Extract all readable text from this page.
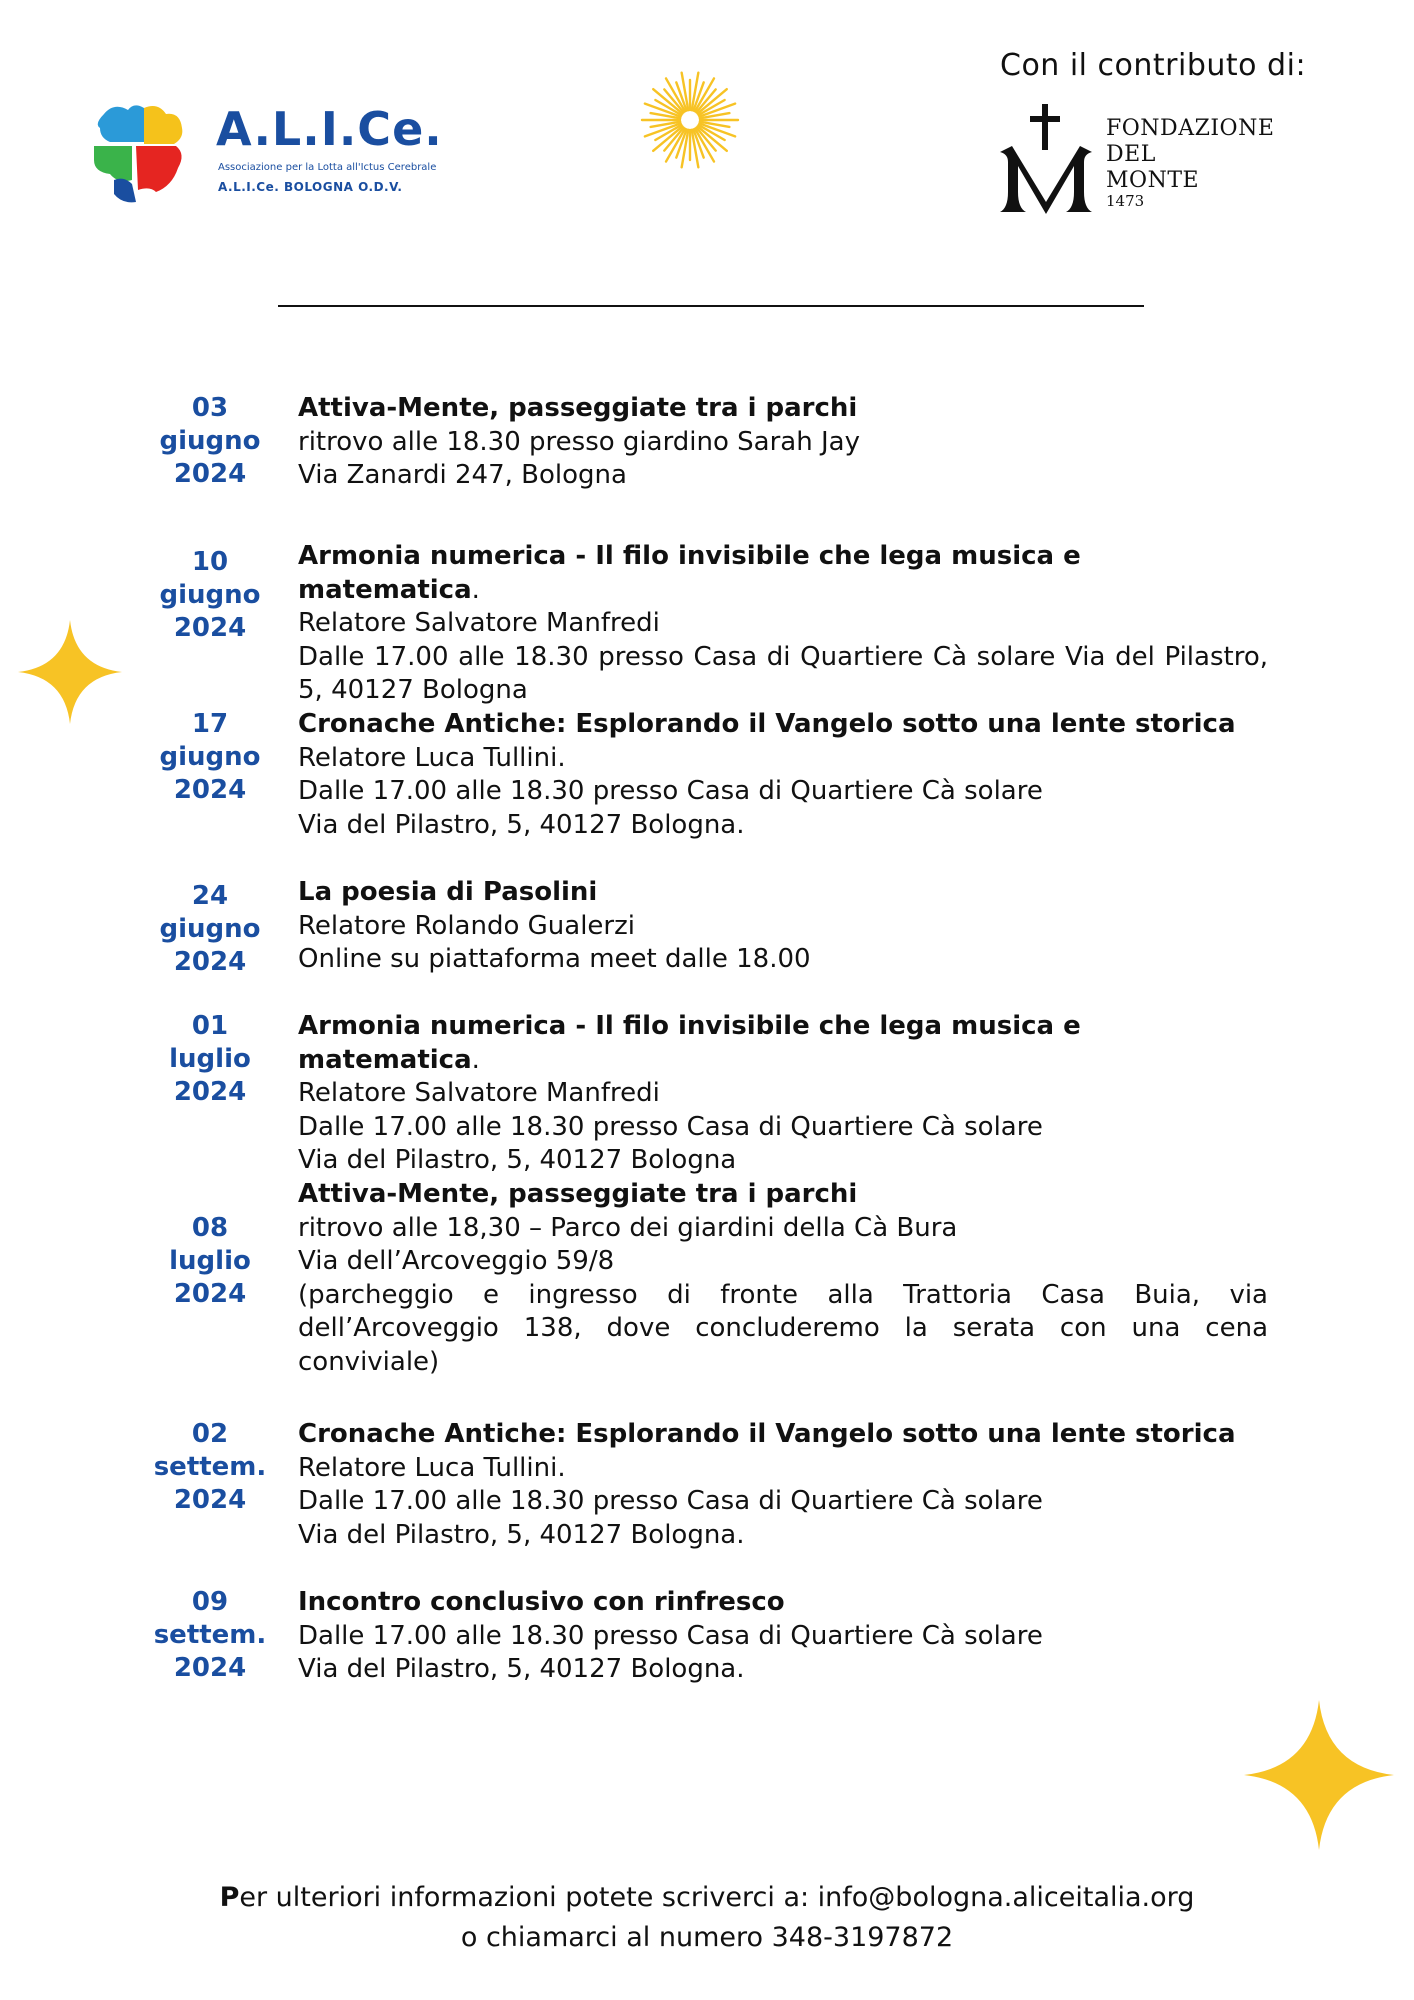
A.L.I.Ce.
Associazione per la Lotta all'Ictus Cerebrale
A.L.I.Ce. BOLOGNA O.D.V.
Con il contributo di:
FONDAZIONE
DEL
MONTE
1473
03
giugno
2024
Attiva-Mente, passeggiate tra i parchi
ritrovo alle 18.30 presso giardino Sarah Jay
Via Zanardi 247, Bologna
10
giugno
2024
Armonia numerica - Il filo invisibile che lega musica e matematica.
Relatore Salvatore Manfredi
Dalle 17.00 alle 18.30 presso Casa di Quartiere Cà solare Via del Pilastro, 5, 40127 Bologna
17
giugno
2024
Cronache Antiche: Esplorando il Vangelo sotto una lente storica
Relatore Luca Tullini.
Dalle 17.00 alle 18.30 presso Casa di Quartiere Cà solare
Via del Pilastro, 5, 40127 Bologna.
24
giugno
2024
La poesia di Pasolini
Relatore Rolando Gualerzi
Online su piattaforma meet dalle 18.00
01
luglio
2024
Armonia numerica - Il filo invisibile che lega musica e matematica.
Relatore Salvatore Manfredi
Dalle 17.00 alle 18.30 presso Casa di Quartiere Cà solare
Via del Pilastro, 5, 40127 Bologna
08
luglio
2024
Attiva-Mente, passeggiate tra i parchi
ritrovo alle 18,30 – Parco dei giardini della Cà Bura
Via dell’Arcoveggio 59/8
(parcheggio e ingresso di fronte alla Trattoria Casa Buia, via dell’Arcoveggio 138, dove concluderemo la serata con una cena conviviale)
02
settem.
2024
Cronache Antiche: Esplorando il Vangelo sotto una lente storica
Relatore Luca Tullini.
Dalle 17.00 alle 18.30 presso Casa di Quartiere Cà solare
Via del Pilastro, 5, 40127 Bologna.
09
settem.
2024
Incontro conclusivo con rinfresco
Dalle 17.00 alle 18.30 presso Casa di Quartiere Cà solare
Via del Pilastro, 5, 40127 Bologna.
Per ulteriori informazioni potete scriverci a: info@bologna.aliceitalia.org
o chiamarci al numero 348-3197872
